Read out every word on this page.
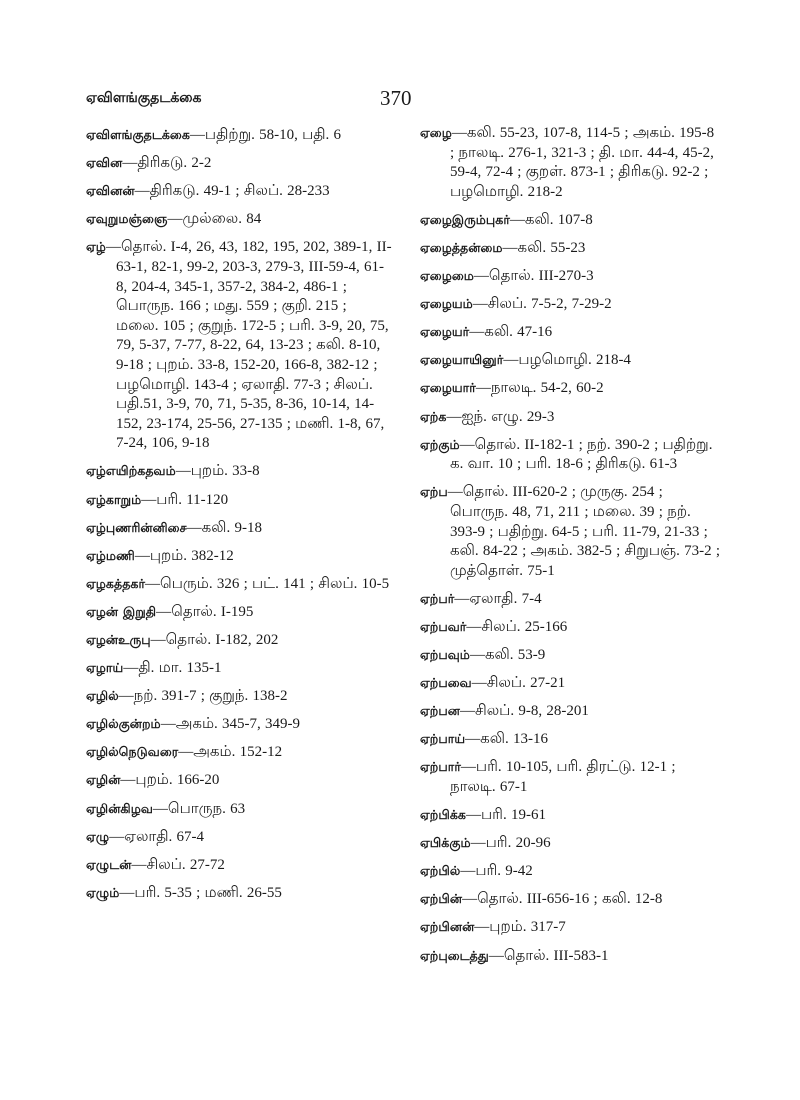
ஏவிளங்குதடக்கை	370
ஏவிளங்குதடக்கை—பதிற்று. 58-10, பதி. 6
ஏவின—திரிகடு. 2-2
ஏவினன்—திரிகடு. 49-1 ; சிலப். 28-233
ஏவுறுமஞ்ஞை—முல்லை. 84
ஏழ்—தொல். I-4, 26, 43, 182, 195, 202, 389-1, II-63-1, 82-1, 99-2, 203-3, 279-3, III-59-4, 61-8, 204-4, 345-1, 357-2, 384-2, 486-1 ; பொருந. 166 ; மது. 559 ; குறி. 215 ; மலை. 105 ; குறுந். 172-5 ; பரி. 3-9, 20, 75, 79, 5-37, 7-77, 8-22, 64, 13-23 ; கலி. 8-10, 9-18 ; புறம். 33-8, 152-20, 166-8, 382-12 ; பழமொழி. 143-4 ; ஏலாதி. 77-3 ; சிலப். பதி.51, 3-9, 70, 71, 5-35, 8-36, 10-14, 14-152, 23-174, 25-56, 27-135 ; மணி. 1-8, 67, 7-24, 106, 9-18
ஏழ்எயிற்கதவம்—புறம். 33-8
ஏழ்காறும்—பரி. 11-120
ஏழ்புணரின்னிசை—கலி. 9-18
ஏழ்மணி—புறம். 382-12
ஏழகத்தகர்—பெரும். 326 ; பட். 141 ; சிலப். 10-5
ஏழன் இறுதி—தொல். I-195
ஏழன்உருபு—தொல். I-182, 202
ஏழாய்—தி. மா. 135-1
ஏழில்—நற். 391-7 ; குறுந். 138-2
ஏழில்குன்றம்—அகம். 345-7, 349-9
ஏழில்நெடுவரை—அகம். 152-12
ஏழின்—புறம். 166-20
ஏழின்கிழவ—பொருந. 63
ஏழு—ஏலாதி. 67-4
ஏழுடன்—சிலப். 27-72
ஏழும்—பரி. 5-35 ; மணி. 26-55
ஏழை—கலி. 55-23, 107-8, 114-5 ; அகம். 195-8 ; நாலடி. 276-1, 321-3 ; தி. மா. 44-4, 45-2, 59-4, 72-4 ; குறள். 873-1 ; திரிகடு. 92-2 ; பழமொழி. 218-2
ஏழைஇரும்புகர்—கலி. 107-8
ஏழைத்தன்மை—கலி. 55-23
ஏழைமை—தொல். III-270-3
ஏழையம்—சிலப். 7-5-2, 7-29-2
ஏழையர்—கலி. 47-16
ஏழையாயினுர்—பழமொழி. 218-4
ஏழையார்—நாலடி. 54-2, 60-2
ஏற்க—ஐந். எழு. 29-3
ஏற்கும்—தொல். II-182-1 ; நற். 390-2 ; பதிற்று. க. வா. 10 ; பரி. 18-6 ; திரிகடு. 61-3
ஏற்ப—தொல். III-620-2 ; முருகு. 254 ; பொருந. 48, 71, 211 ; மலை. 39 ; நற். 393-9 ; பதிற்று. 64-5 ; பரி. 11-79, 21-33 ; கலி. 84-22 ; அகம். 382-5 ; சிறுபஞ். 73-2 ; முத்தொள். 75-1
ஏற்பர்—ஏலாதி. 7-4
ஏற்பவர்—சிலப். 25-166
ஏற்பவும்—கலி. 53-9
ஏற்பவை—சிலப். 27-21
ஏற்பன—சிலப். 9-8, 28-201
ஏற்பாய்—கலி. 13-16
ஏற்பார்—பரி. 10-105, பரி. திரட்டு. 12-1 ; நாலடி. 67-1
ஏற்பிக்க—பரி. 19-61
ஏபிக்கும்—பரி. 20-96
ஏற்பில்—பரி. 9-42
ஏற்பின்—தொல். III-656-16 ; கலி. 12-8
ஏற்பினன்—புறம். 317-7
ஏற்புடைத்து—தொல். III-583-1
